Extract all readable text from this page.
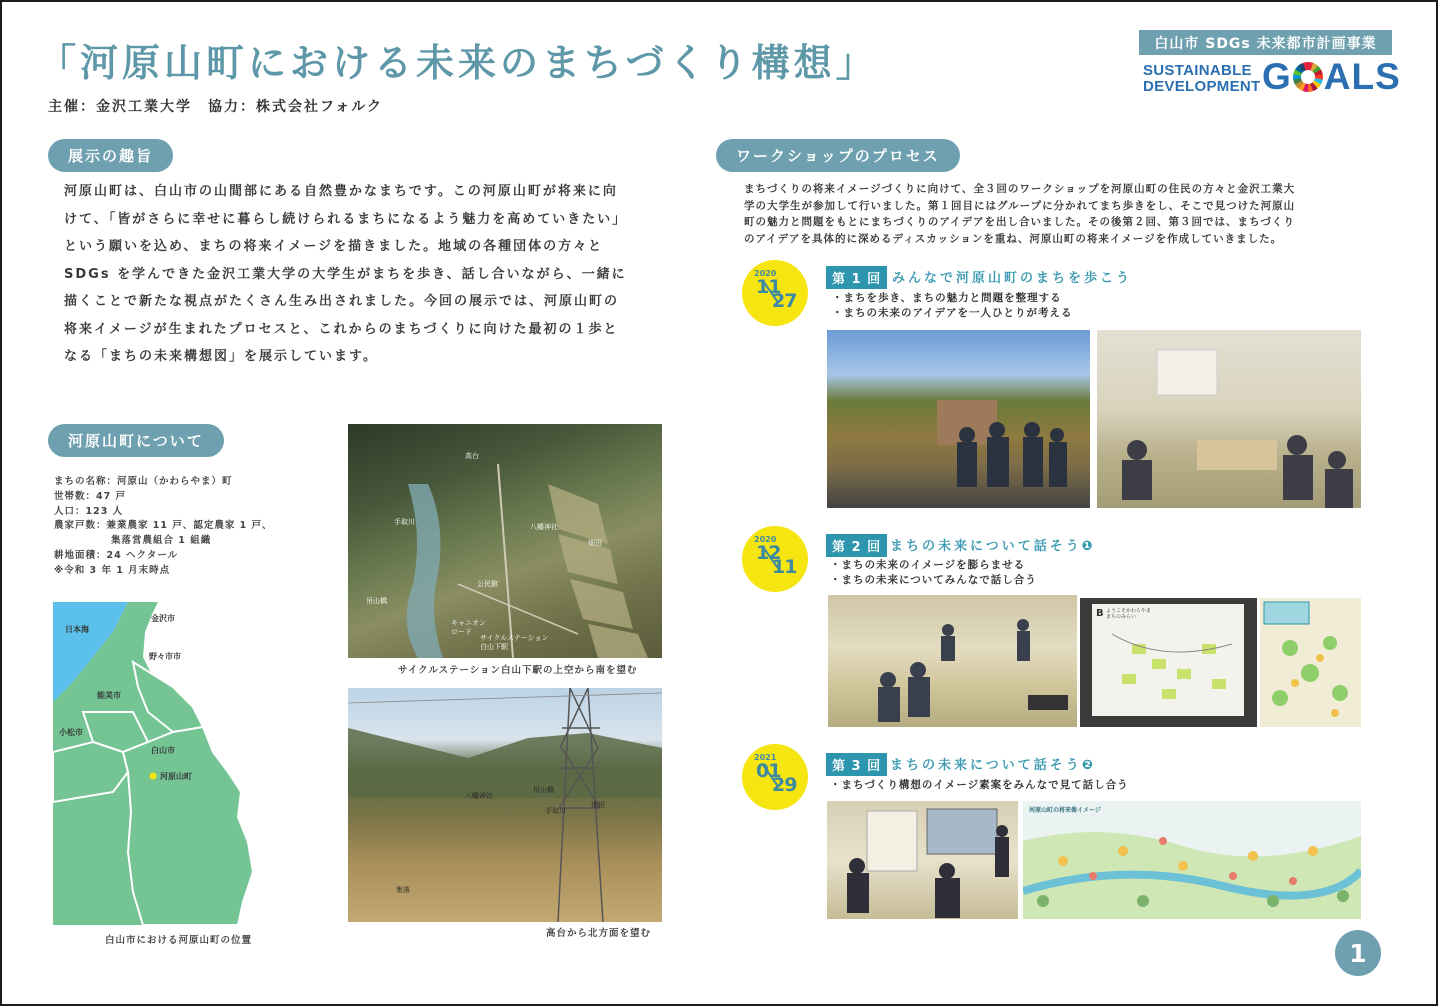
「河原山町における未来のまちづくり構想」
主催：金沢工業大学　協力：株式会社フォルク
白山市 SDGs 未来都市計画事業
SUSTAINABLE
DEVELOPMENT G ALS
展示の趣旨
河原山町は、白山市の山間部にある自然豊かなまちです。この河原山町が将来に向
けて、「皆がさらに幸せに暮らし続けられるまちになるよう魅力を高めていきたい」
という願いを込め、まちの将来イメージを描きました。地域の各種団体の方々と
SDGs を学んできた金沢工業大学の大学生がまちを歩き、話し合いながら、一緒に
描くことで新たな視点がたくさん生み出されました。今回の展示では、河原山町の
将来イメージが生まれたプロセスと、これからのまちづくりに向けた最初の１歩と
なる「まちの未来構想図」を展示しています。
河原山町について
まちの名称：河原山（かわらやま）町
世帯数：47 戸
人口：123 人
農家戸数：兼業農家 11 戸、認定農家 1 戸、
集落営農組合 1 組織
耕地面積：24 ヘクタール
※令和 3 年 1 月末時点
日本海
金沢市
野々市市
能美市
小松市
白山市
河原山町
白山市における河原山町の位置
高台
手取川
八幡神社
畑田
公民館
吊山橋
キャニオン
ロード
サイクルステーション
白山下駅
サイクルステーション白山下駅の上空から南を望む
八幡神社
吊山橋
手取川
畑田
集落
高台から北方面を望む
ワークショップのプロセス
まちづくりの将来イメージづくりに向けて、全３回のワークショップを河原山町の住民の方々と金沢工業大
学の大学生が参加して行いました。第１回目にはグループに分かれてまち歩きをし、そこで見つけた河原山
町の魅力と問題をもとにまちづくりのアイデアを出し合いました。その後第２回、第３回では、まちづくり
のアイデアを具体的に深めるディスカッションを重ね、河原山町の将来イメージを作成していきました。
2020
11
27
第 1 回 みんなで河原山町のまちを歩こう
・まちを歩き、まちの魅力と問題を整理する
・まちの未来のアイデアを一人ひとりが考える
2020
12
11
第 2 回 まちの未来について話そう❶
・まちの未来のイメージを膨らませる
・まちの未来についてみんなで話し合う
B ようこそかわらやま
まちのみらい
2021
01
29
第 3 回 まちの未来について話そう❷
・まちづくり構想のイメージ素案をみんなで見て話し合う
河原山町の将来像イメージ
1
